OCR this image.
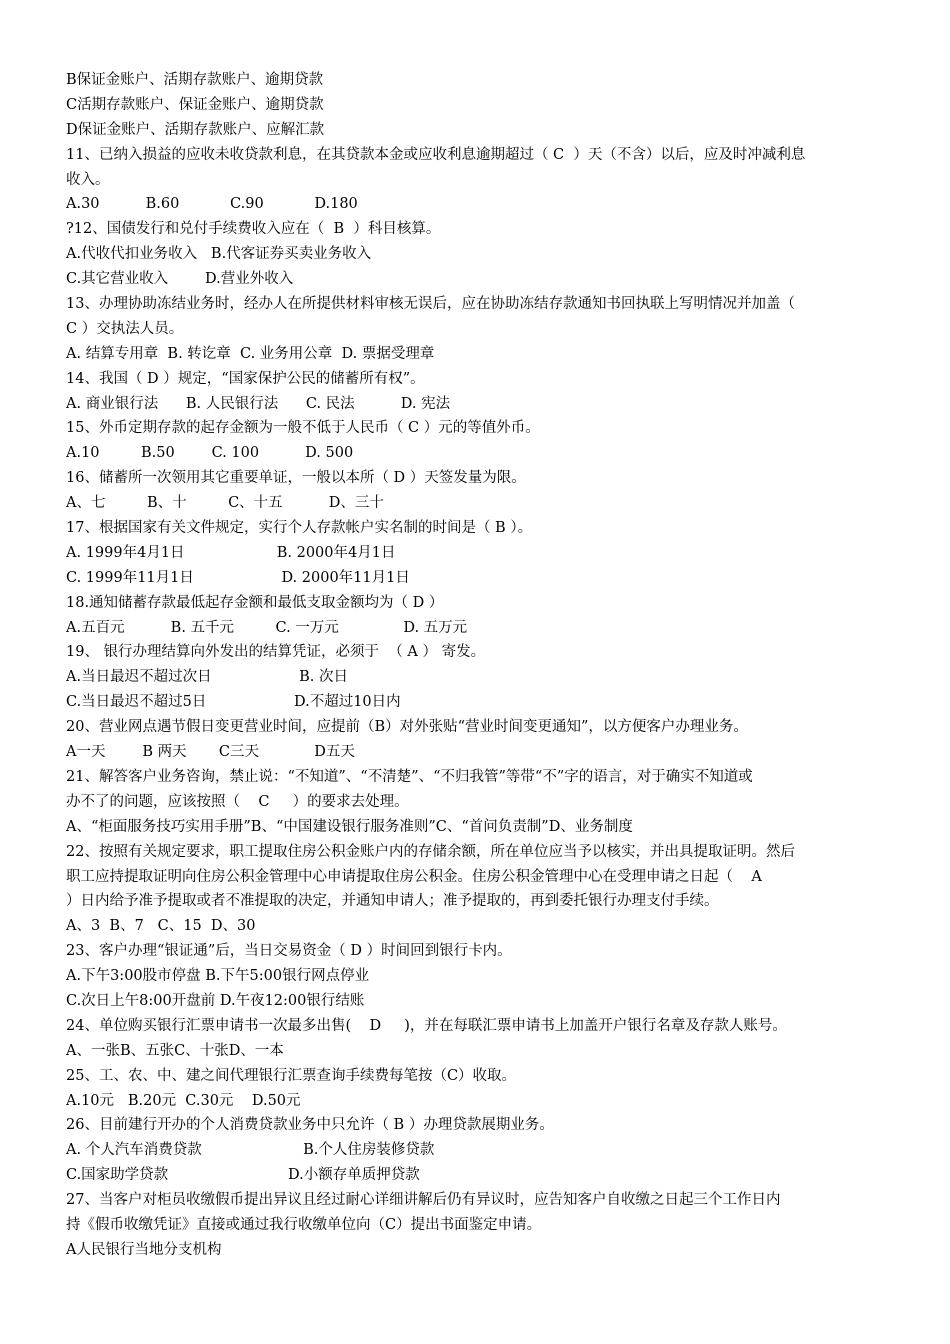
B保证金账户、活期存款账户、逾期贷款
C活期存款账户、保证金账户、逾期贷款
D保证金账户、活期存款账户、应解汇款
11、已纳入损益的应收未收贷款利息，在其贷款本金或应收利息逾期超过（ C  ）天（不含）以后，应及时冲减利息
收入。
A.30          B.60           C.90           D.180
?12、国债发行和兑付手续费收入应在（  B  ）科目核算。
A.代收代扣业务收入   B.代客证券买卖业务收入
C.其它营业收入        D.营业外收入
13、办理协助冻结业务时，经办人在所提供材料审核无误后，应在协助冻结存款通知书回执联上写明情况并加盖（
C ）交执法人员。
A. 结算专用章  B. 转讫章  C. 业务用公章  D. 票据受理章
14、我国（ D ）规定，“国家保护公民的储蓄所有权”。
A. 商业银行法      B. 人民银行法      C. 民法          D. 宪法
15、外币定期存款的起存金额为一般不低于人民币（ C ）元的等值外币。
A.10         B.50        C. 100          D. 500
16、储蓄所一次领用其它重要单证，一般以本所（ D ）天签发量为限。
A、七         B、十         C、十五          D、三十
17、根据国家有关文件规定，实行个人存款帐户实名制的时间是（ B ）。
A. 1999年4月1日                    B. 2000年4月1日
C. 1999年11月1日                   D. 2000年11月1日
18.通知储蓄存款最低起存金额和最低支取金额均为（ D ）
A.五百元          B. 五千元         C. 一万元              D. 五万元
19、 银行办理结算向外发出的结算凭证，必须于  （ A ） 寄发。
A.当日最迟不超过次日                   B. 次日
C.当日最迟不超过5日                   D.不超过10日内
20、营业网点遇节假日变更营业时间，应提前（B）对外张贴“营业时间变更通知”，以方便客户办理业务。
A一天        B 两天       C三天            D五天
21、解答客户业务咨询，禁止说：“不知道”、“不清楚”、“不归我管”等带“不”字的语言，对于确实不知道或
办不了的问题，应该按照（    C     ）的要求去处理。
A、“柜面服务技巧实用手册”B、“中国建设银行服务准则”C、“首问负责制”D、业务制度
22、按照有关规定要求，职工提取住房公积金账户内的存储余额，所在单位应当予以核实，并出具提取证明。然后
职工应持提取证明向住房公积金管理中心申请提取住房公积金。住房公积金管理中心在受理申请之日起（    A
）日内给予准予提取或者不准提取的决定，并通知申请人；准予提取的，再到委托银行办理支付手续。
A、3  B、7   C、15  D、30
23、客户办理“银证通”后，当日交易资金（ D ）时间回到银行卡内。
A.下午3:00股市停盘 B.下午5:00银行网点停业
C.次日上午8:00开盘前 D.午夜12:00银行结账
24、单位购买银行汇票申请书一次最多出售(    D     )，并在每联汇票申请书上加盖开户银行名章及存款人账号。
A、一张B、五张C、十张D、一本
25、工、农、中、建之间代理银行汇票查询手续费每笔按（C）收取。
A.10元   B.20元  C.30元    D.50元
26、目前建行开办的个人消费贷款业务中只允许（ B ）办理贷款展期业务。
A. 个人汽车消费贷款                      B.个人住房装修贷款
C.国家助学贷款                          D.小额存单质押贷款
27、当客户对柜员收缴假币提出异议且经过耐心详细讲解后仍有异议时，应告知客户自收缴之日起三个工作日内
持《假币收缴凭证》直接或通过我行收缴单位向（C）提出书面鉴定申请。
A人民银行当地分支机构
